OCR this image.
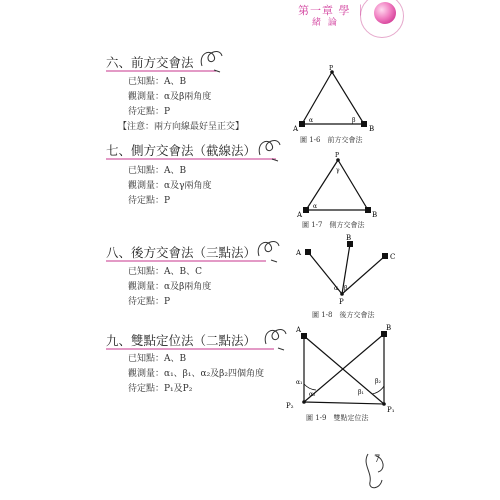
第一章 學 ｜
緒 論
六、前方交會法
已知點：A、B
觀測量：α及β兩角度
待定點：P
【注意：兩方向線最好呈正交】
P
A	B
α	β
圖 1-6　前方交會法
七、側方交會法（截線法）
已知點：A、B
觀測量：α及γ兩角度
待定點：P
P
γ
A	B
α
圖 1-7　側方交會法
八、後方交會法（三點法）
已知點：A、B、C
觀測量：α及β兩角度
待定點：P
A
B
C
P
α β
圖 1-8　後方交會法
九、雙點定位法（二點法）
已知點：A、B
觀測量：α₁、β₁、α₂及β₂四個角度
待定點：P₁及P₂
A	B
P₂	P₁
α₁
α₂
β₂
β₁
圖 1-9　雙點定位法
7
